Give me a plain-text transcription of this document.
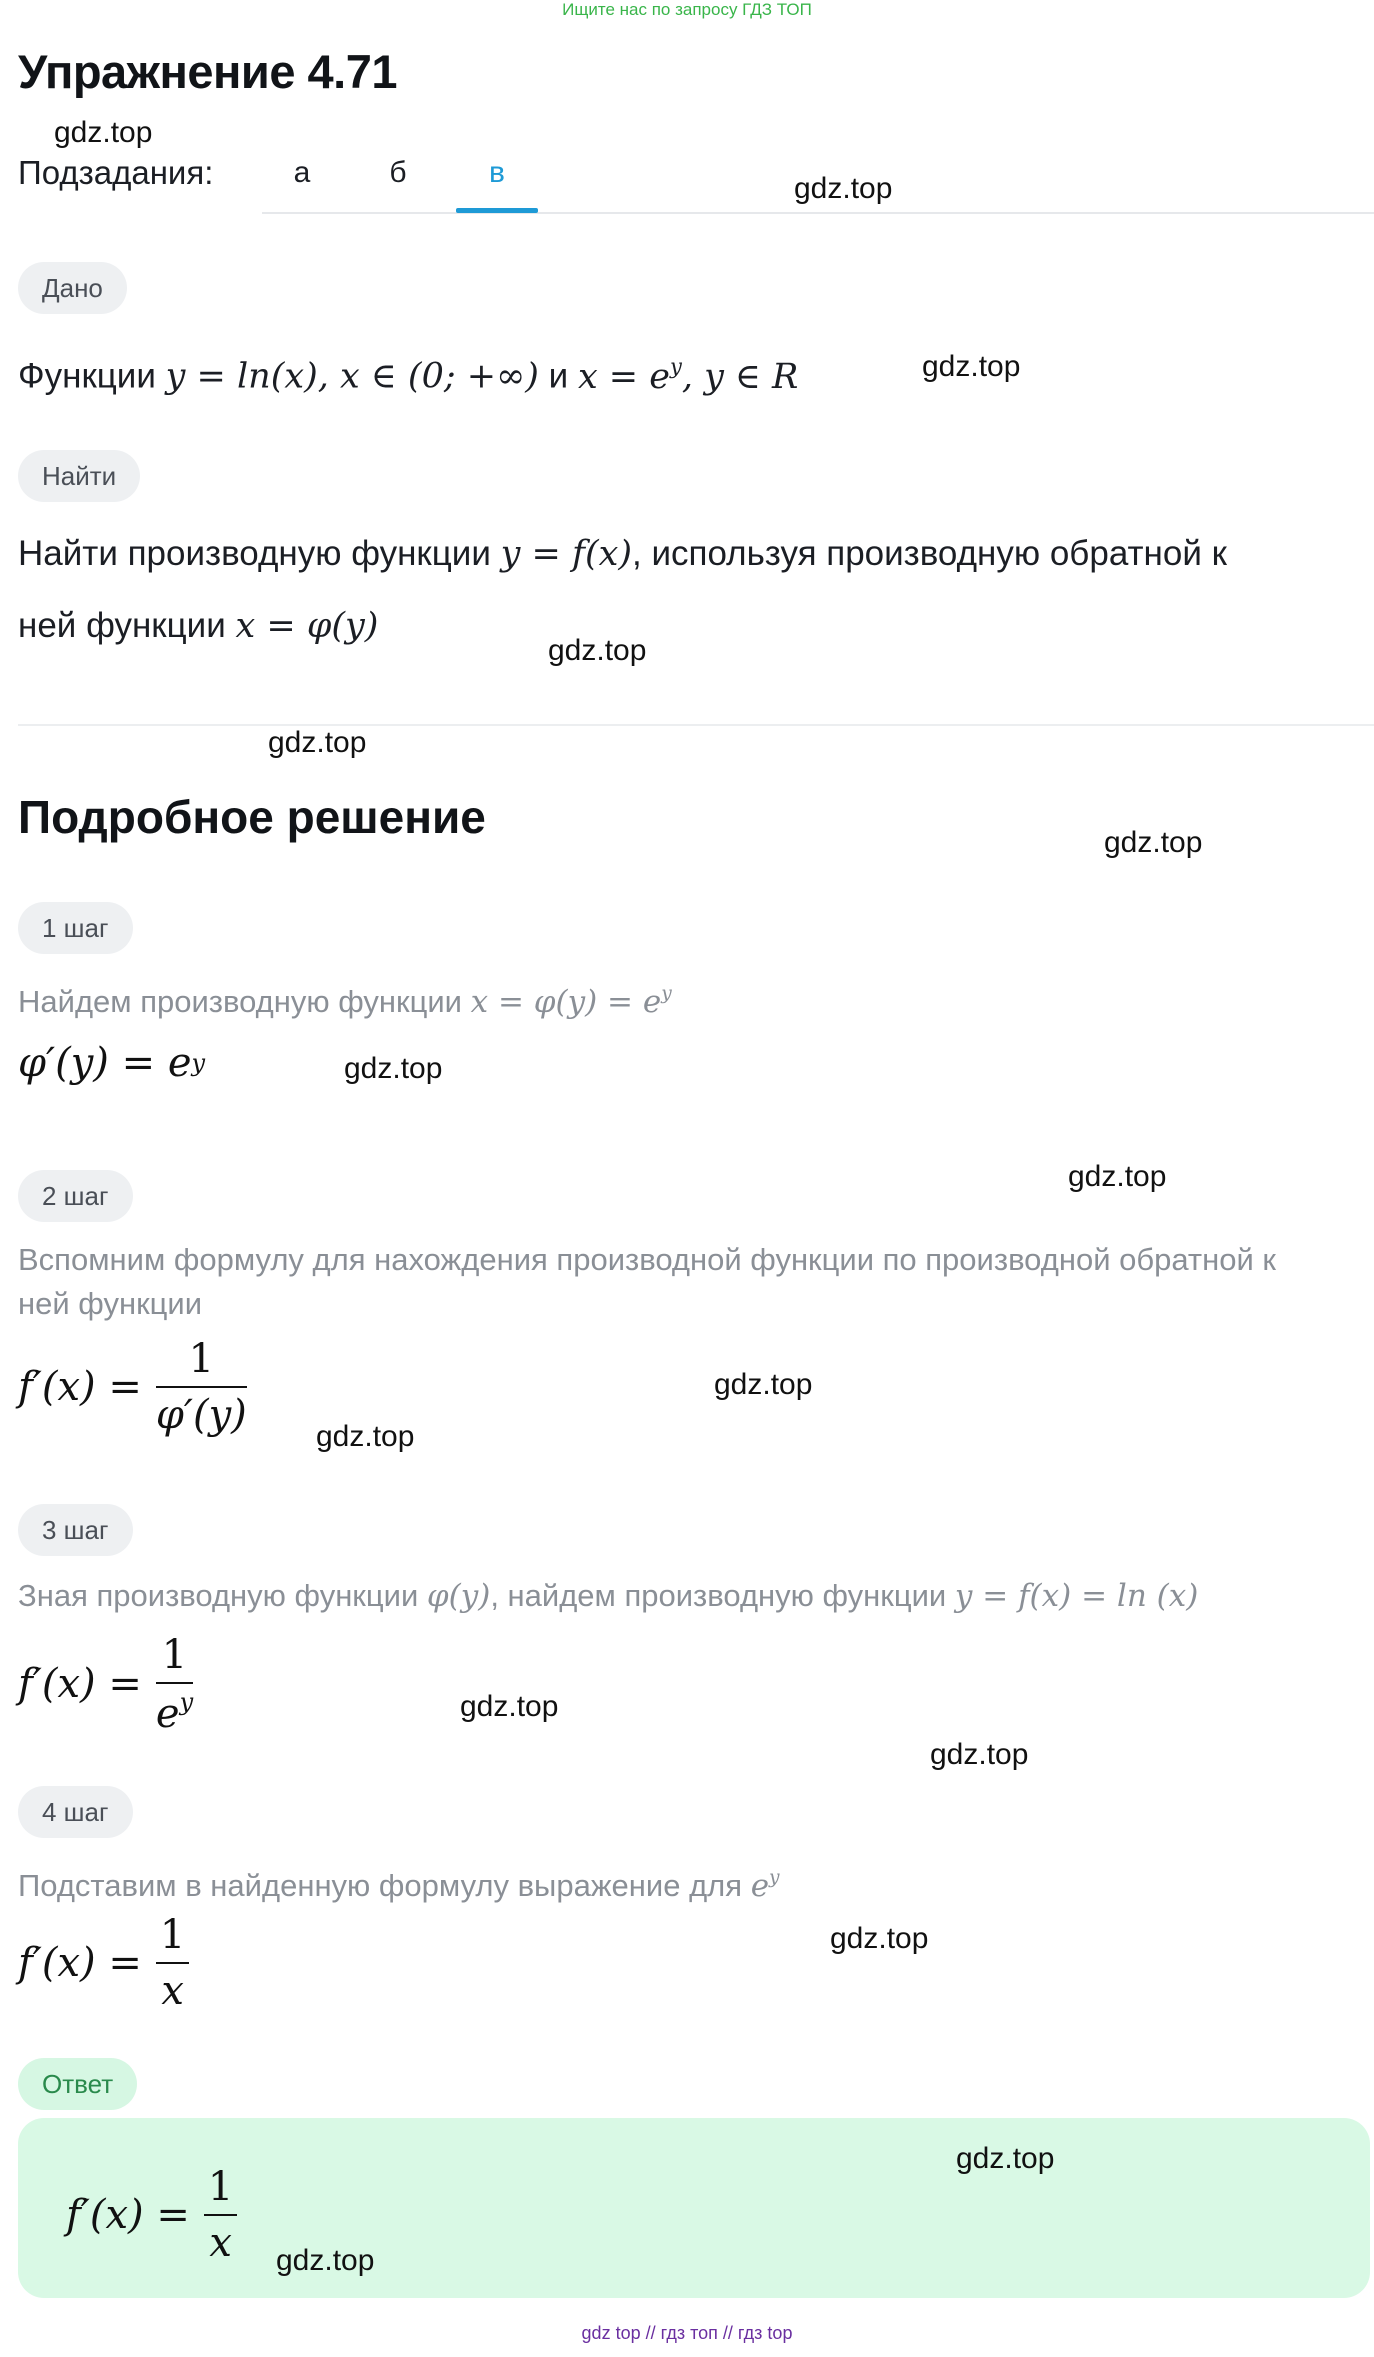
Ищите нас по запросу ГДЗ ТОП
Упражнение 4.71
gdz.top
Подзадания:	а	б	в	gdz.top
Дано
Функции y = ln(x), x ∈ (0; +∞) и $x = e^y$, y ∈ R	gdz.top
Найти
Найти производную функции y = f(x), используя производную обратной к
ней функции x = φ(y)
gdz.top
gdz.top
Подробное решение	gdz.top
1 шаг
Найдем производную функции $x = \varphi(y) = e^y$
φ′(y) = e y	gdz.top
gdz.top
2 шаг
Вспомним формулу для нахождения производной функции по производной обратной к
ней функции
$f'(x) = \frac{1}{\varphi'(y)}$	gdz.top
gdz.top
3 шаг
Зная производную функции φ(y), найдем производную функции y = f(x) = ln (x)
$f'(x) = \frac{1}{e^y}$	gdz.top
gdz.top
4 шаг
Подставим в найденную формулу выражение для $e^y$
$f'(x) = \frac{1}{x}$	gdz.top
Ответ
gdz.top
$f'(x) = \frac{1}{x} gdz.top$
gdz top // гдз топ // гдз top
